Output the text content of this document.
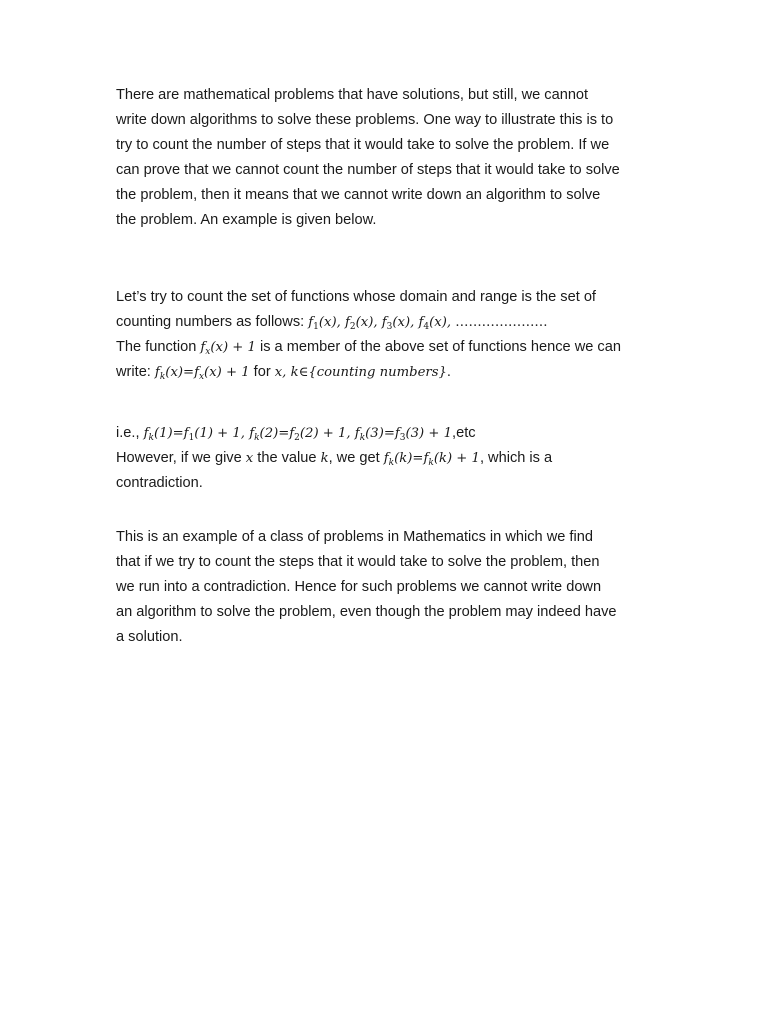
There are mathematical problems that have solutions, but still, we cannot
write down algorithms to solve these problems. One way to illustrate this is to
try to count the number of steps that it would take to solve the problem. If we
can prove that we cannot count the number of steps that it would take to solve
the problem, then it means that we cannot write down an algorithm to solve
the problem. An example is given below.
Let’s try to count the set of functions whose domain and range is the set of
counting numbers as follows: $f_1(x)$, $f_2(x)$, $f_3(x)$, $f_4(x)$, …………………
The function $f_x(x) + 1$ is a member of the above set of functions hence we can
write: $f_k(x)=f_x(x) + 1$ for x, k∈{counting numbers}.
i.e., $f_k(1)=f_1(1) + 1$, $f_k(2)=f_2(2) + 1$, $f_k(3)=f_3(3) + 1,etc$
However, if we give x the value k, we get $f_k(k)=f_k(k) + 1$, which is a
contradiction.
This is an example of a class of problems in Mathematics in which we find
that if we try to count the steps that it would take to solve the problem, then
we run into a contradiction. Hence for such problems we cannot write down
an algorithm to solve the problem, even though the problem may indeed have
a solution.
